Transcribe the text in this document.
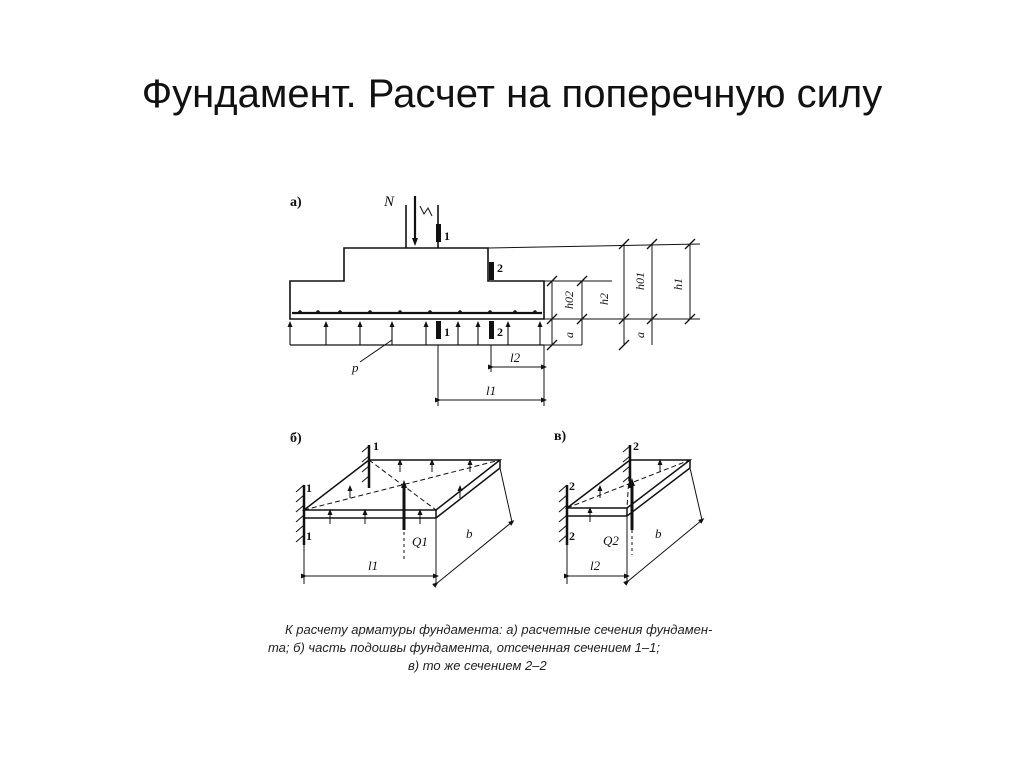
Фундамент. Расчет на поперечную силу
а)	N
1
2
1	2
p
l2
l1
h02
a
h2
h01
a
h1
б)	1
1
1	Q1
l1
b
в)
2
2
2 Q2
l2
b
К расчету арматуры фундамента: а) расчетные сечения фундамен-
та; б) часть подошвы фундамента, отсеченная сечением 1–1;
в) то же сечением 2–2
